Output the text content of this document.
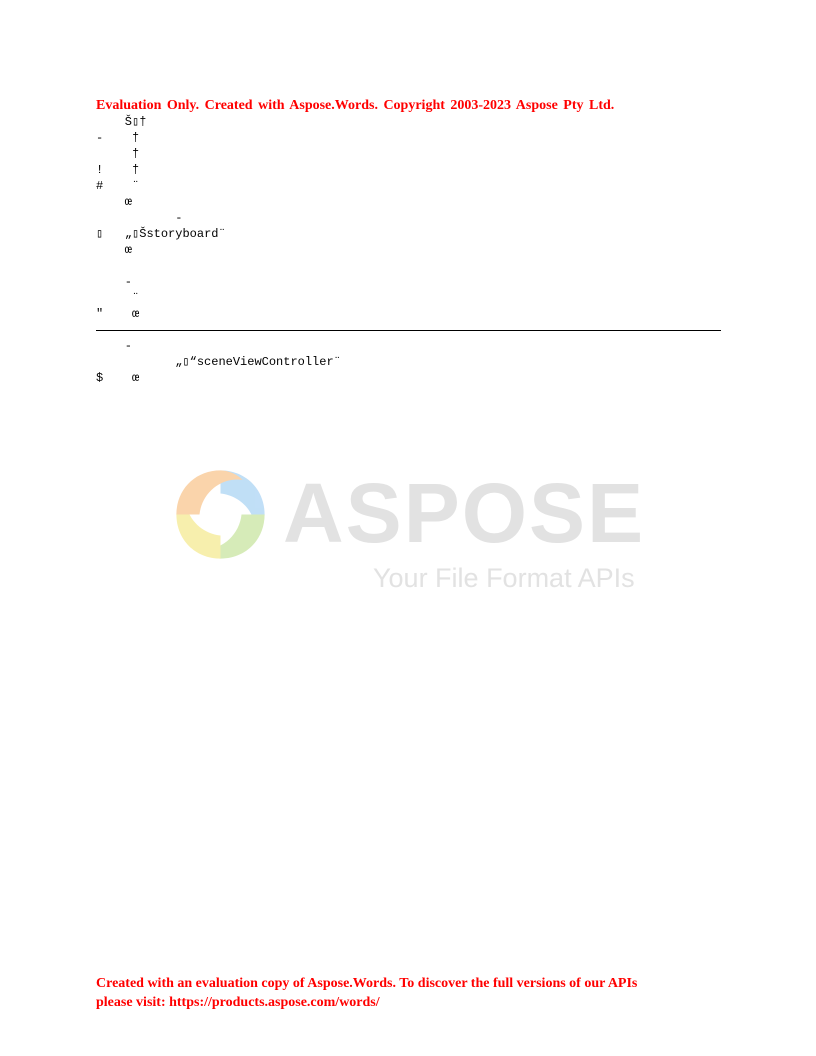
Evaluation Only. Created with Aspose.Words. Copyright 2003-2023 Aspose Pty Ltd.
Š▯†
-    †
†
!    †
#    ¨
œ
-
▯   „▯Šstoryboard¨
œ
-
¨
"    œ
-
„▯“sceneViewController¨
$    œ
ASPOSE
Your File Format APIs
Created with an evaluation copy of Aspose.Words. To discover the full versions of our APIs
please visit: https://products.aspose.com/words/
